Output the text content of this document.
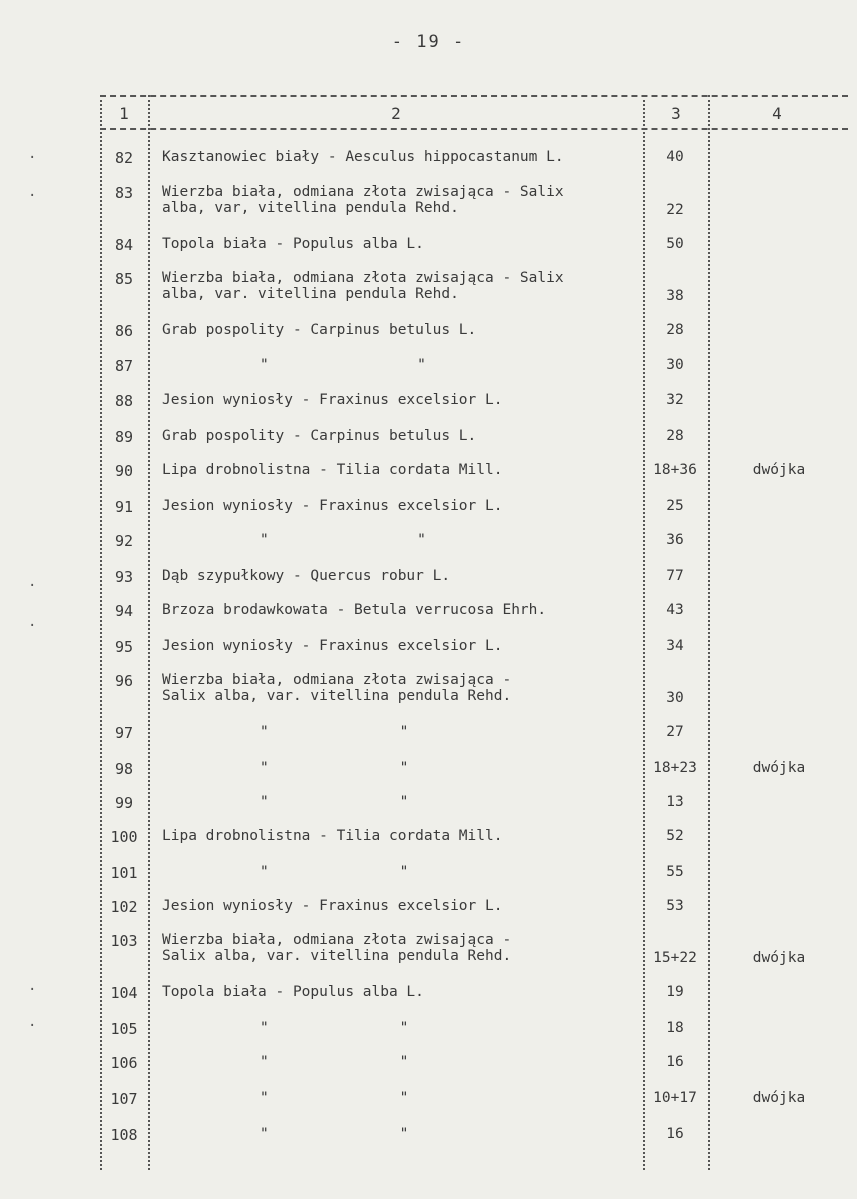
- 19 -
1	2	3	4
·
·
·
·
·
·
82	Kasztanowiec biały - Aesculus hippocastanum L.	40
83	Wierzba biała, odmiana złota zwisająca - Salix
alba, var, vitellina pendula Rehd.	22
84	Topola biała - Populus alba L.	50
85	Wierzba biała, odmiana złota zwisająca - Salix
alba, var. vitellina pendula Rehd.	38
86	Grab pospolity - Carpinus betulus L.	28
87	"                 "	30
88	Jesion wyniosły - Fraxinus excelsior L.	32
89	Grab pospolity - Carpinus betulus L.	28
90	Lipa drobnolistna - Tilia cordata Mill.	18+36	dwójka
91	Jesion wyniosły - Fraxinus excelsior L.	25
92	"                 "	36
93	Dąb szypułkowy - Quercus robur L.	77
94	Brzoza brodawkowata - Betula verrucosa Ehrh.	43
95	Jesion wyniosły - Fraxinus excelsior L.	34
96	Wierzba biała, odmiana złota zwisająca -
Salix alba, var. vitellina pendula Rehd.	30
97	"               "	27
98	"               "	18+23	dwójka
99	"               "	13
100	Lipa drobnolistna - Tilia cordata Mill.	52
101	"               "	55
102	Jesion wyniosły - Fraxinus excelsior L.	53
103	Wierzba biała, odmiana złota zwisająca -
Salix alba, var. vitellina pendula Rehd.	15+22	dwójka
104	Topola biała - Populus alba L.	19
105	"               "	18
106	"               "	16
107	"               "	10+17	dwójka
108	"               "	16
